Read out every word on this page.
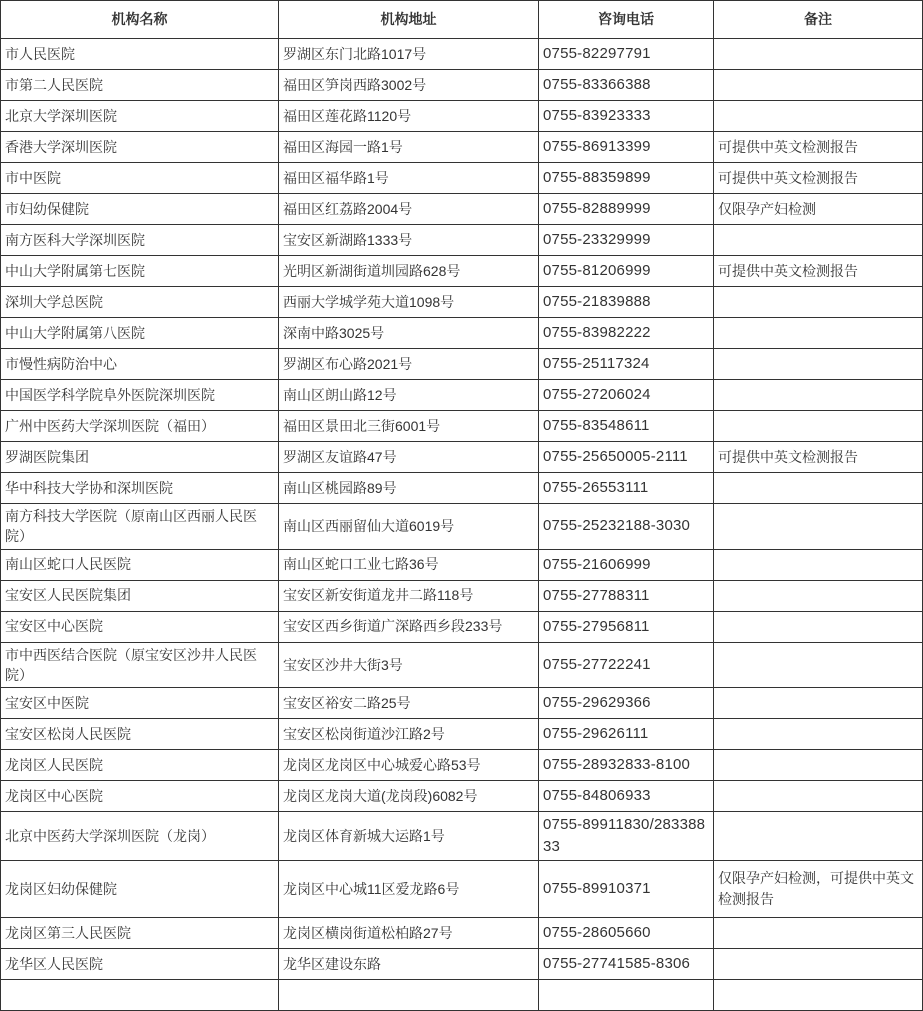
机构名称	机构地址	咨询电话	备注
市人民医院	罗湖区东门北路1017号	0755-82297791	
市第二人民医院	福田区笋岗西路3002号	0755-83366388	
北京大学深圳医院	福田区莲花路1120号	0755-83923333	
香港大学深圳医院	福田区海园一路1号	0755-86913399	可提供中英文检测报告
市中医院	福田区福华路1号	0755-88359899	可提供中英文检测报告
市妇幼保健院	福田区红荔路2004号	0755-82889999	仅限孕产妇检测
南方医科大学深圳医院	宝安区新湖路1333号	0755-23329999	
中山大学附属第七医院	光明区新湖街道圳园路628号	0755-81206999	可提供中英文检测报告
深圳大学总医院	西丽大学城学苑大道1098号	0755-21839888	
中山大学附属第八医院	深南中路3025号	0755-83982222	
市慢性病防治中心	罗湖区布心路2021号	0755-25117324	
中国医学科学院阜外医院深圳医院	南山区朗山路12号	0755-27206024	
广州中医药大学深圳医院（福田）	福田区景田北三街6001号	0755-83548611	
罗湖医院集团	罗湖区友谊路47号	0755-25650005-2111	可提供中英文检测报告
华中科技大学协和深圳医院	南山区桃园路89号	0755-26553111	
南方科技大学医院（原南山区西丽人民医院）	南山区西丽留仙大道6019号	0755-25232188-3030	
南山区蛇口人民医院	南山区蛇口工业七路36号	0755-21606999	
宝安区人民医院集团	宝安区新安街道龙井二路118号	0755-27788311	
宝安区中心医院	宝安区西乡街道广深路西乡段233号	0755-27956811	
市中西医结合医院（原宝安区沙井人民医院）	宝安区沙井大街3号	0755-27722241	
宝安区中医院	宝安区裕安二路25号	0755-29629366	
宝安区松岗人民医院	宝安区松岗街道沙江路2号	0755-29626111	
龙岗区人民医院	龙岗区龙岗区中心城爱心路53号	0755-28932833-8100	
龙岗区中心医院	龙岗区龙岗大道(龙岗段)6082号	0755-84806933	
北京中医药大学深圳医院（龙岗）	龙岗区体育新城大运路1号	0755-89911830/28338833	
龙岗区妇幼保健院	龙岗区中心城11区爱龙路6号	0755-89910371	仅限孕产妇检测，可提供中英文检测报告
龙岗区第三人民医院	龙岗区横岗街道松柏路27号	0755-28605660	
龙华区人民医院	龙华区建设东路	0755-27741585-8306	
